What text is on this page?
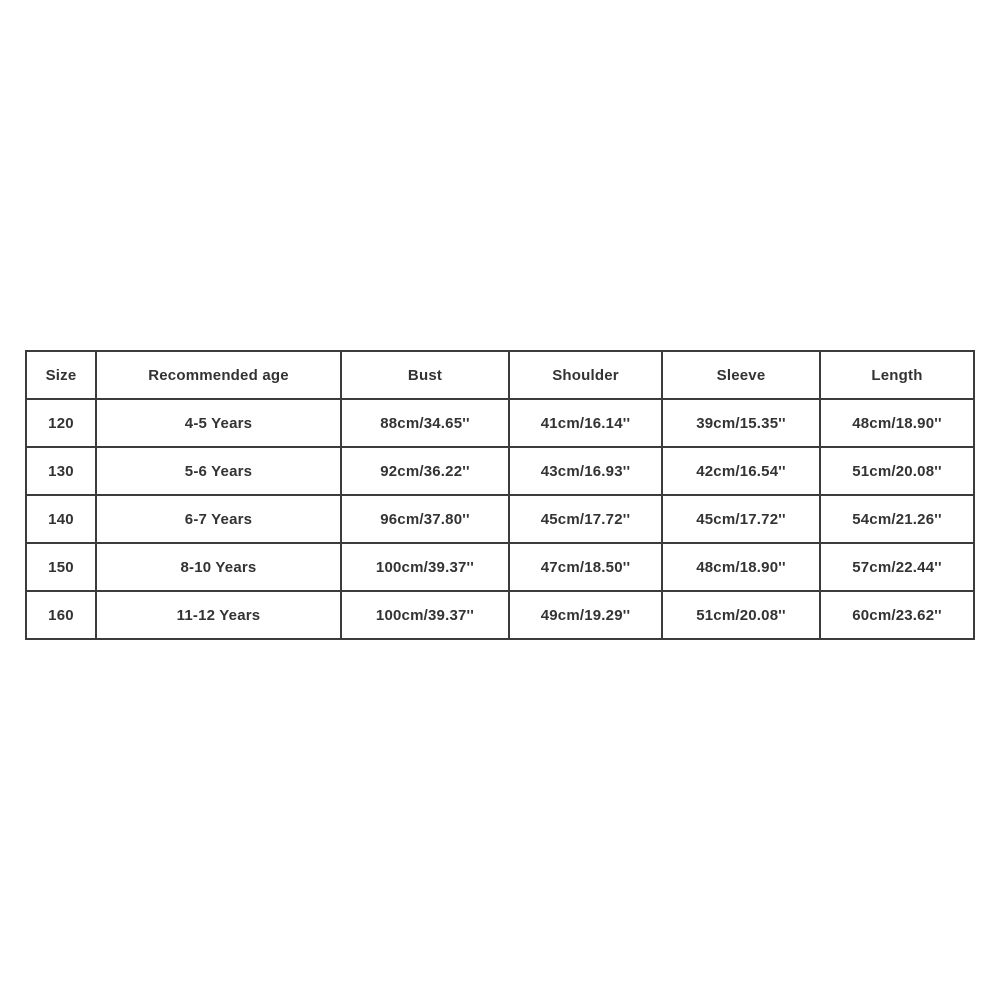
Size	Recommended age	Bust	Shoulder	Sleeve	Length
120	4-5 Years	88cm/34.65''	41cm/16.14''	39cm/15.35''	48cm/18.90''
130	5-6 Years	92cm/36.22''	43cm/16.93''	42cm/16.54''	51cm/20.08''
140	6-7 Years	96cm/37.80''	45cm/17.72''	45cm/17.72''	54cm/21.26''
150	8-10 Years	100cm/39.37''	47cm/18.50''	48cm/18.90''	57cm/22.44''
160	11-12 Years	100cm/39.37''	49cm/19.29''	51cm/20.08''	60cm/23.62''
